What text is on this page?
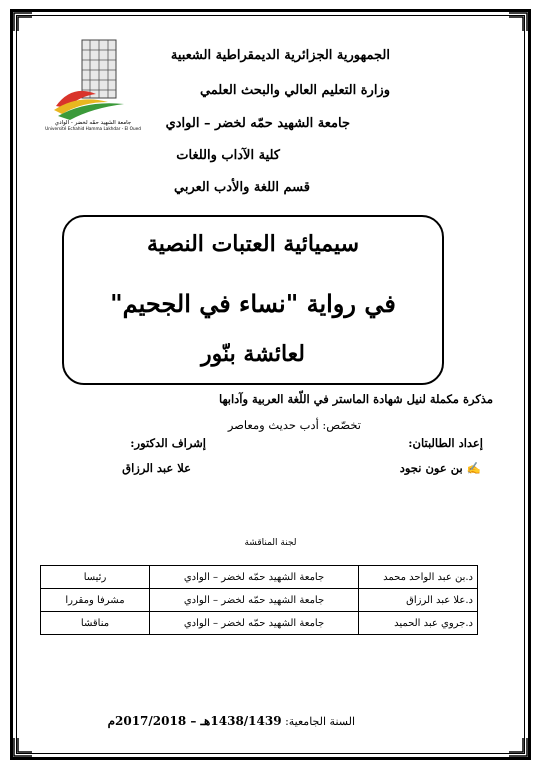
جامعة الشهيد حمّه لخضر - الوادي
Université Echahid Hamma Lakhdar - El Oued
الجمهورية الجزائرية الديمقراطية الشعبية
وزارة التعليم العالي والبحث العلمي
جامعة الشهيد حمّه لخضر – الوادي
كلية الآداب واللغات
قسم اللغة والأدب العربي
سيميائية العتبات النصية
في رواية "نساء في الجحيم"
لعائشة بنّور
مذكرة مكملة لنيل شهادة الماستر في اللّغة العربية وآدابها
تخصّص: أدب حديث ومعاصر
إعداد الطالبتان:
إشراف الدكتور:
✍ بن عون نجود
علا عبد الرزاق
لجنة المناقشة
د.بن عبد الواحد محمد	جامعة الشهيد حمّه لخضر – الوادي	رئيسا
د.علا عبد الرزاق	جامعة الشهيد حمّه لخضر – الوادي	مشرفا ومقررا
د.جروي عبد الحميد	جامعة الشهيد حمّه لخضر – الوادي	مناقشا
السنة الجامعية: 1438/1439هـ – 2017/2018م
